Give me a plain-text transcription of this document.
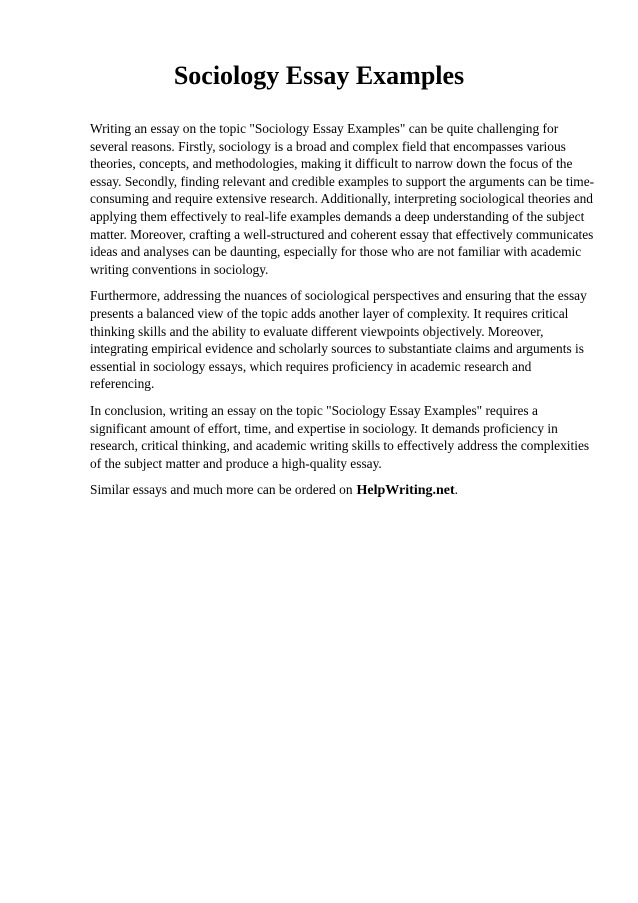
Sociology Essay Examples

Writing an essay on the topic "Sociology Essay Examples" can be quite challenging for several reasons. Firstly, sociology is a broad and complex field that encompasses various theories, concepts, and methodologies, making it difficult to narrow down the focus of the essay. Secondly, finding relevant and credible examples to support the arguments can be time-consuming and require extensive research. Additionally, interpreting sociological theories and applying them effectively to real-life examples demands a deep understanding of the subject matter. Moreover, crafting a well-structured and coherent essay that effectively communicates ideas and analyses can be daunting, especially for those who are not familiar with academic writing conventions in sociology.

Furthermore, addressing the nuances of sociological perspectives and ensuring that the essay presents a balanced view of the topic adds another layer of complexity. It requires critical thinking skills and the ability to evaluate different viewpoints objectively. Moreover, integrating empirical evidence and scholarly sources to substantiate claims and arguments is essential in sociology essays, which requires proficiency in academic research and referencing.

In conclusion, writing an essay on the topic "Sociology Essay Examples" requires a significant amount of effort, time, and expertise in sociology. It demands proficiency in research, critical thinking, and academic writing skills to effectively address the complexities of the subject matter and produce a high-quality essay.

Similar essays and much more can be ordered on HelpWriting.net.
